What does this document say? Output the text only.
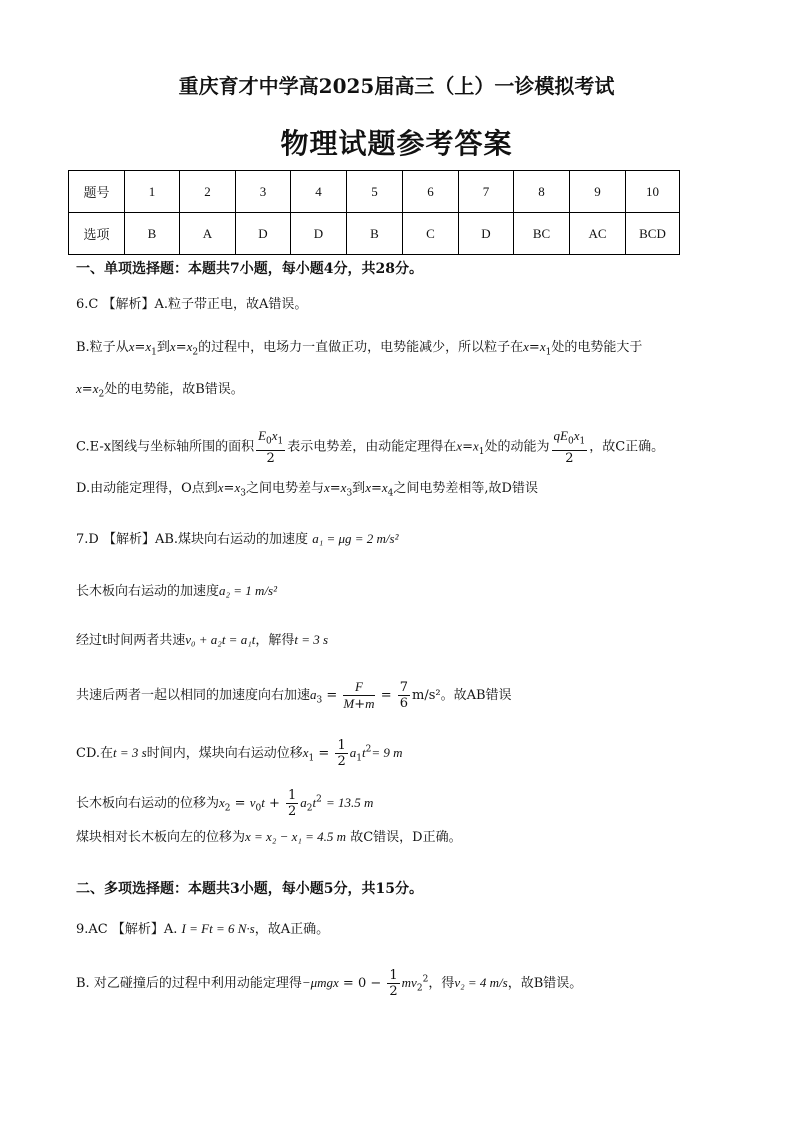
重庆育才中学高2025届高三（上）一诊模拟考试
物理试题参考答案
题号	1	2	3	4	5	6	7	8	9	10
选项	B	A	D	D	B	C	D	BC	AC	BCD
一、单项选择题：本题共7小题，每小题4分，共28分。
6.C 【解析】A.粒子带正电，故A错误。
B.粒子从$x=x_1$到$x=x_2$的过程中，电场力一直做正功，电势能减少，所以粒子在$x=x_1$处的电势能大于
$x=x_2$处的电势能，故B错误。
C.E-x图线与坐标轴所围的面积 $\frac{E_0x_1}{2}$ 表示电势差，由动能定理得在$x=x_1$处的动能为 $\frac{qE_0x_1}{2}$ ，故C正确。
D.由动能定理得，O点到$x=x_3$之间电势差与$x=x_3$到$x=x_4$之间电势差相等,故D错误
7.D 【解析】AB.煤块向右运动的加速度 a₁ = μg = 2 m/s²
长木板向右运动的加速度a₂ = 1 m/s²
经过t时间两者共速v₀ + a₂t = a₁t，解得t = 3 s
共速后两者一起以相同的加速度向右加速$a_3 = \frac{F}{M+m} = \frac{7}{6} m/s^2$。故AB错误
CD.在t = 3 s时间内，煤块向右运动位移$x_1 = \frac{1}{2} a_1t^2= 9$ m
长木板向右运动的位移为$x_2 = v_0t + \frac{1}{2} a_2t^2 = 13.5$ m
煤块相对长木板向左的位移为x = x₂ − x₁ = 4.5 m 故C错误，D正确。
二、多项选择题：本题共3小题，每小题5分，共15分。
9.AC 【解析】A. I = Ft = 6 N·s，故A正确。
B. 对乙碰撞后的过程中利用动能定理得$-\mu mgx = 0 - \frac{1}{2} mv_2^2$，得v₂ = 4 m/s，故B错误。
